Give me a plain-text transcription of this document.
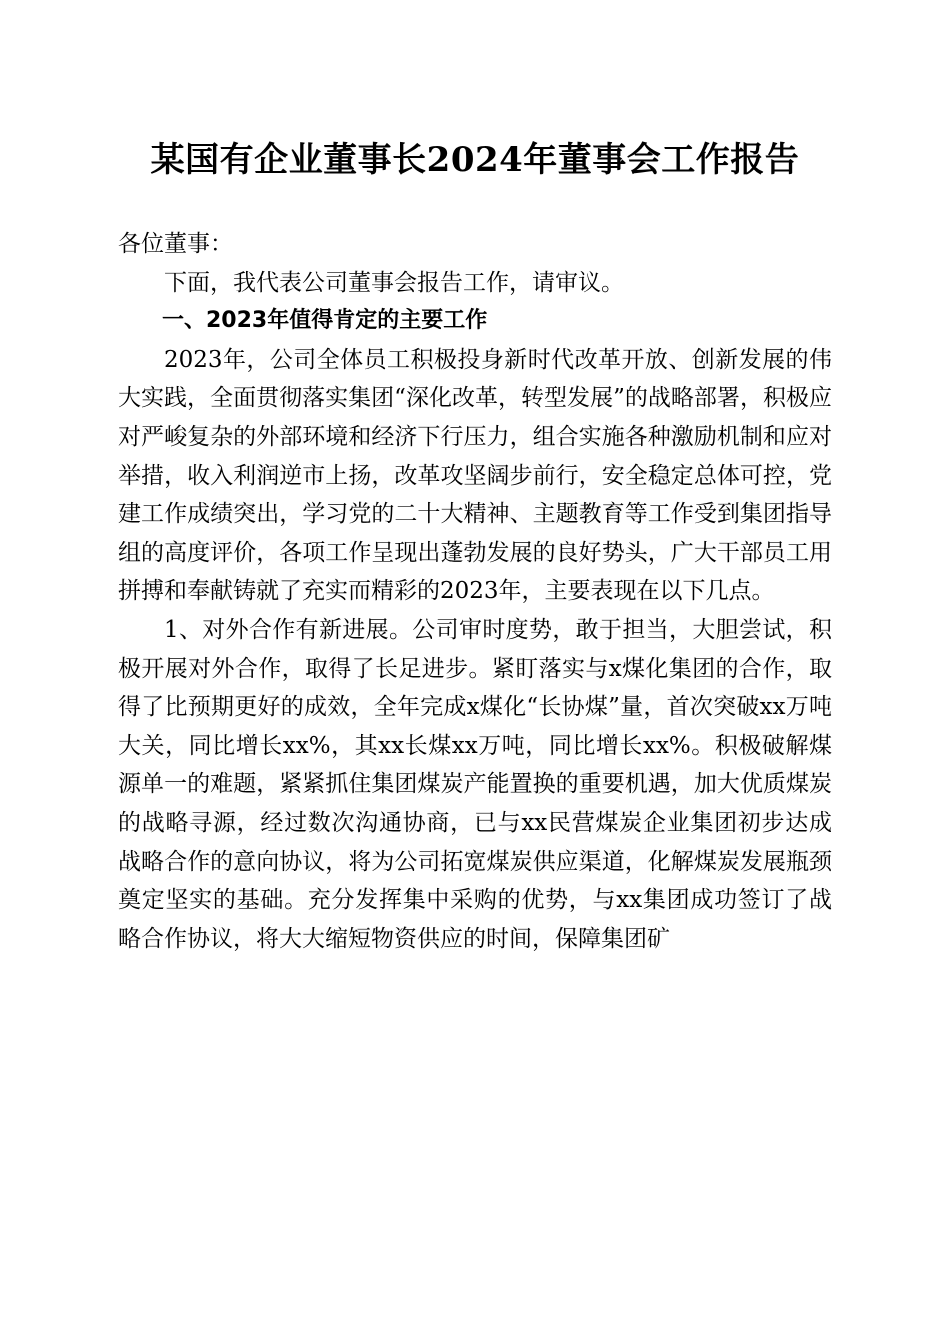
某国有企业董事长2024年董事会工作报告

各位董事：

下面，我代表公司董事会报告工作，请审议。

一、2023年值得肯定的主要工作

2023年，公司全体员工积极投身新时代改革开放、创新发展的伟大实践，全面贯彻落实集团“深化改革，转型发展”的战略部署，积极应对严峻复杂的外部环境和经济下行压力，组合实施各种激励机制和应对举措，收入利润逆市上扬，改革攻坚阔步前行，安全稳定总体可控，党建工作成绩突出，学习党的二十大精神、主题教育等工作受到集团指导组的高度评价，各项工作呈现出蓬勃发展的良好势头，广大干部员工用拼搏和奉献铸就了充实而精彩的2023年，主要表现在以下几点。

1、对外合作有新进展。公司审时度势，敢于担当，大胆尝试，积极开展对外合作，取得了长足进步。紧盯落实与x煤化集团的合作，取得了比预期更好的成效，全年完成x煤化“长协煤”量，首次突破xx万吨大关，同比增长xx%，其xx长煤xx万吨，同比增长xx%。积极破解煤源单一的难题，紧紧抓住集团煤炭产能置换的重要机遇，加大优质煤炭的战略寻源，经过数次沟通协商，已与xx民营煤炭企业集团初步达成战略合作的意向协议，将为公司拓宽煤炭供应渠道，化解煤炭发展瓶颈奠定坚实的基础。充分发挥集中采购的优势，与xx集团成功签订了战略合作协议，将大大缩短物资供应的时间，保障集团矿
